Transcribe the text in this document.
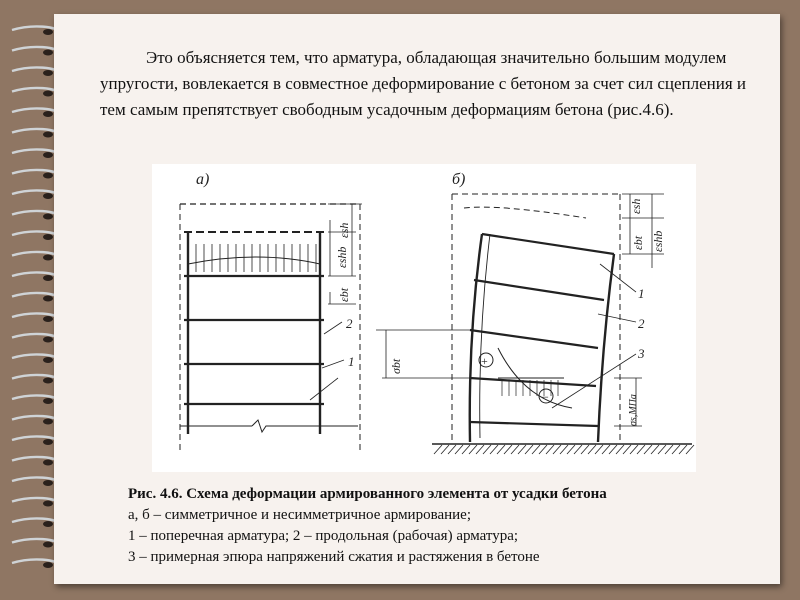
Это объясняется тем, что арматура, обладающая значительно большим модулем упругости, вовлекается в совместное деформирование с бетоном за счет сил сцепления и тем самым препятствует свободным усадочным деформациям бетона (рис.4.6).

а)	б)
εshb
εsh
εbt
2
1
εsh
εbt εshb
σbt
σs,MПа
1
2
3
+
−
Рис. 4.6. Схема деформации армированного элемента от усадки бетона
а, б – симметричное и несимметричное армирование;
1 – поперечная арматура; 2 – продольная (рабочая) арматура;
3 – примерная эпюра напряжений сжатия и растяжения в бетоне
